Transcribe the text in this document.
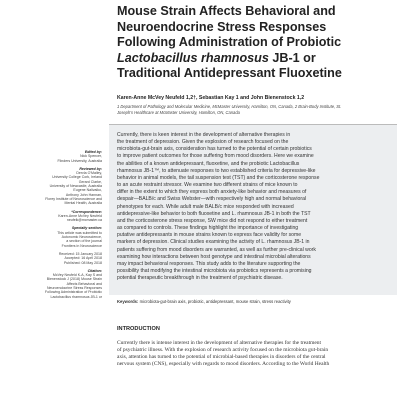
Mouse Strain Affects Behavioral and
Neuroendocrine Stress Responses
Following Administration of Probiotic
Lactobacillus rhamnosus JB-1 or
Traditional Antidepressant Fluoxetine
Karen-Anne McVey Neufeld 1,2†, Sebastian Kay 1 and John Bienenstock 1,2
1 Department of Pathology and Molecular Medicine, McMaster University, Hamilton, ON, Canada, 2 Brain-Body Institute, St.
Joseph's Healthcare at McMaster University, Hamilton, ON, Canada
Edited by:
Nick Spencer,
Flinders University, Australia
Reviewed by:
Dervla O'Malley,
University College Cork, Ireland
Gerard Clarke,
University of Newcastle, Australia
Eugene Nalivaiko,
Anthony John Hannan,
Florey Institute of Neuroscience and
Mental Health, Australia
*Correspondence:
Karen-Anne McVey Neufeld
neufelk@mcmaster.ca
Specialty section:
This article was submitted to
Autonomic Neuroscience,
a section of the journal
Frontiers in Neuroscience
Received: 15 January 2018
Accepted: 16 April 2018
Published: 08 May 2018
Citation:
McVey Neufeld K-A, Kay S and
Bienenstock J (2018) Mouse Strain
Affects Behavioral and
Neuroendocrine Stress Responses
Following Administration of Probiotic
Lactobacillus rhamnosus JB-1 or
Currently, there is keen interest in the development of alternative therapies in
the treatment of depression. Given the explosion of research focused on the
microbiota-gut-brain axis, consideration has turned to the potential of certain probiotics
to improve patient outcomes for those suffering from mood disorders. Here we examine
the abilities of a known antidepressant, fluoxetine, and the probiotic Lactobacillus
rhamnosus JB-1™, to attenuate responses to two established criteria for depressive-like
behavior in animal models, the tail suspension test (TST) and the corticosterone response
to an acute restraint stressor. We examine two different strains of mice known to
differ in the extent to which they express both anxiety-like behavior and measures of
despair—BALB/c and Swiss Webster—with respectively high and normal behavioral
phenotypes for each. While adult male BALB/c mice responded with increased
antidepressive-like behavior to both fluoxetine and L. rhamnosus JB-1 in both the TST
and the corticosterone stress response, SW mice did not respond to either treatment
as compared to controls. These findings highlight the importance of investigating
putative antidepressants in mouse strains known to express face validity for some
markers of depression. Clinical studies examining the activity of L. rhamnosus JB-1 in
patients suffering from mood disorders are warranted, as well as further pre-clinical work
examining how interactions between host genotype and intestinal microbial alterations
may impact behavioral responses. This study adds to the literature supporting the
possibility that modifying the intestinal microbiota via probiotics represents a promising
potential therapeutic breakthrough in the treatment of psychiatric disease.
Keywords: microbiota-gut-brain axis, probiotic, antidepressant, mouse strain, stress reactivity
INTRODUCTION
Currently there is intense interest in the development of alternative therapies for the treatment
of psychiatric illness. With the explosion of research activity focused on the microbiota gut-brain
axis, attention has turned to the potential of microbial-based therapies in disorders of the central
nervous system (CNS), especially with regards to mood disorders. According to the World Health
